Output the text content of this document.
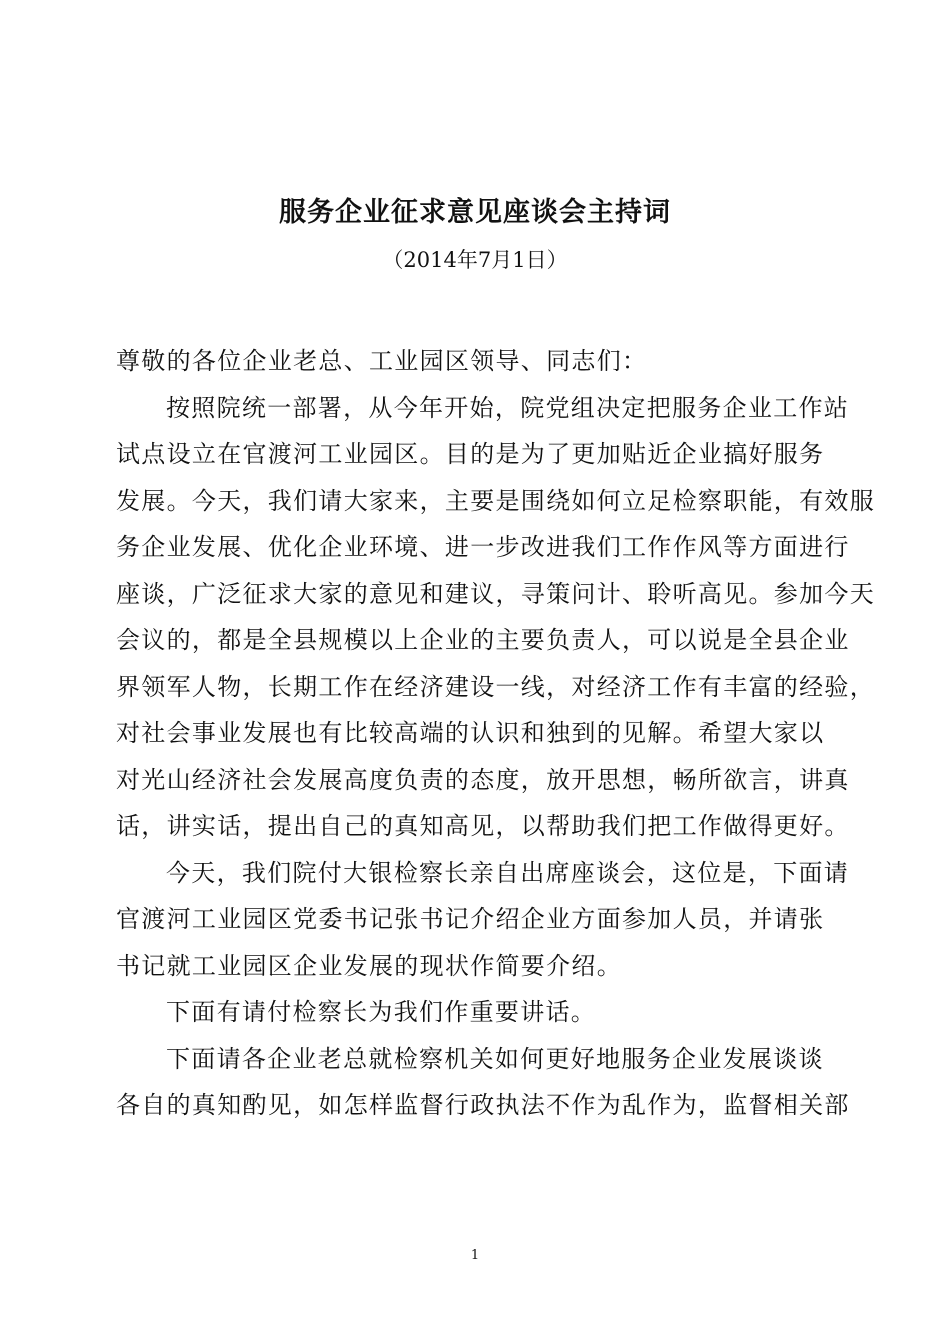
服务企业征求意见座谈会主持词
（2014年7月1日）
尊敬的各位企业老总、工业园区领导、同志们：
按照院统一部署，从今年开始，院党组决定把服务企业工作站
试点设立在官渡河工业园区。目的是为了更加贴近企业搞好服务
发展。今天，我们请大家来，主要是围绕如何立足检察职能，有效服
务企业发展、优化企业环境、进一步改进我们工作作风等方面进行
座谈，广泛征求大家的意见和建议，寻策问计、聆听高见。参加今天
会议的，都是全县规模以上企业的主要负责人，可以说是全县企业
界领军人物，长期工作在经济建设一线，对经济工作有丰富的经验，
对社会事业发展也有比较高端的认识和独到的见解。希望大家以
对光山经济社会发展高度负责的态度，放开思想，畅所欲言，讲真
话，讲实话，提出自己的真知高见，以帮助我们把工作做得更好。
今天，我们院付大银检察长亲自出席座谈会，这位是，下面请
官渡河工业园区党委书记张书记介绍企业方面参加人员，并请张
书记就工业园区企业发展的现状作简要介绍。
下面有请付检察长为我们作重要讲话。
下面请各企业老总就检察机关如何更好地服务企业发展谈谈
各自的真知酌见，如怎样监督行政执法不作为乱作为，监督相关部
1
